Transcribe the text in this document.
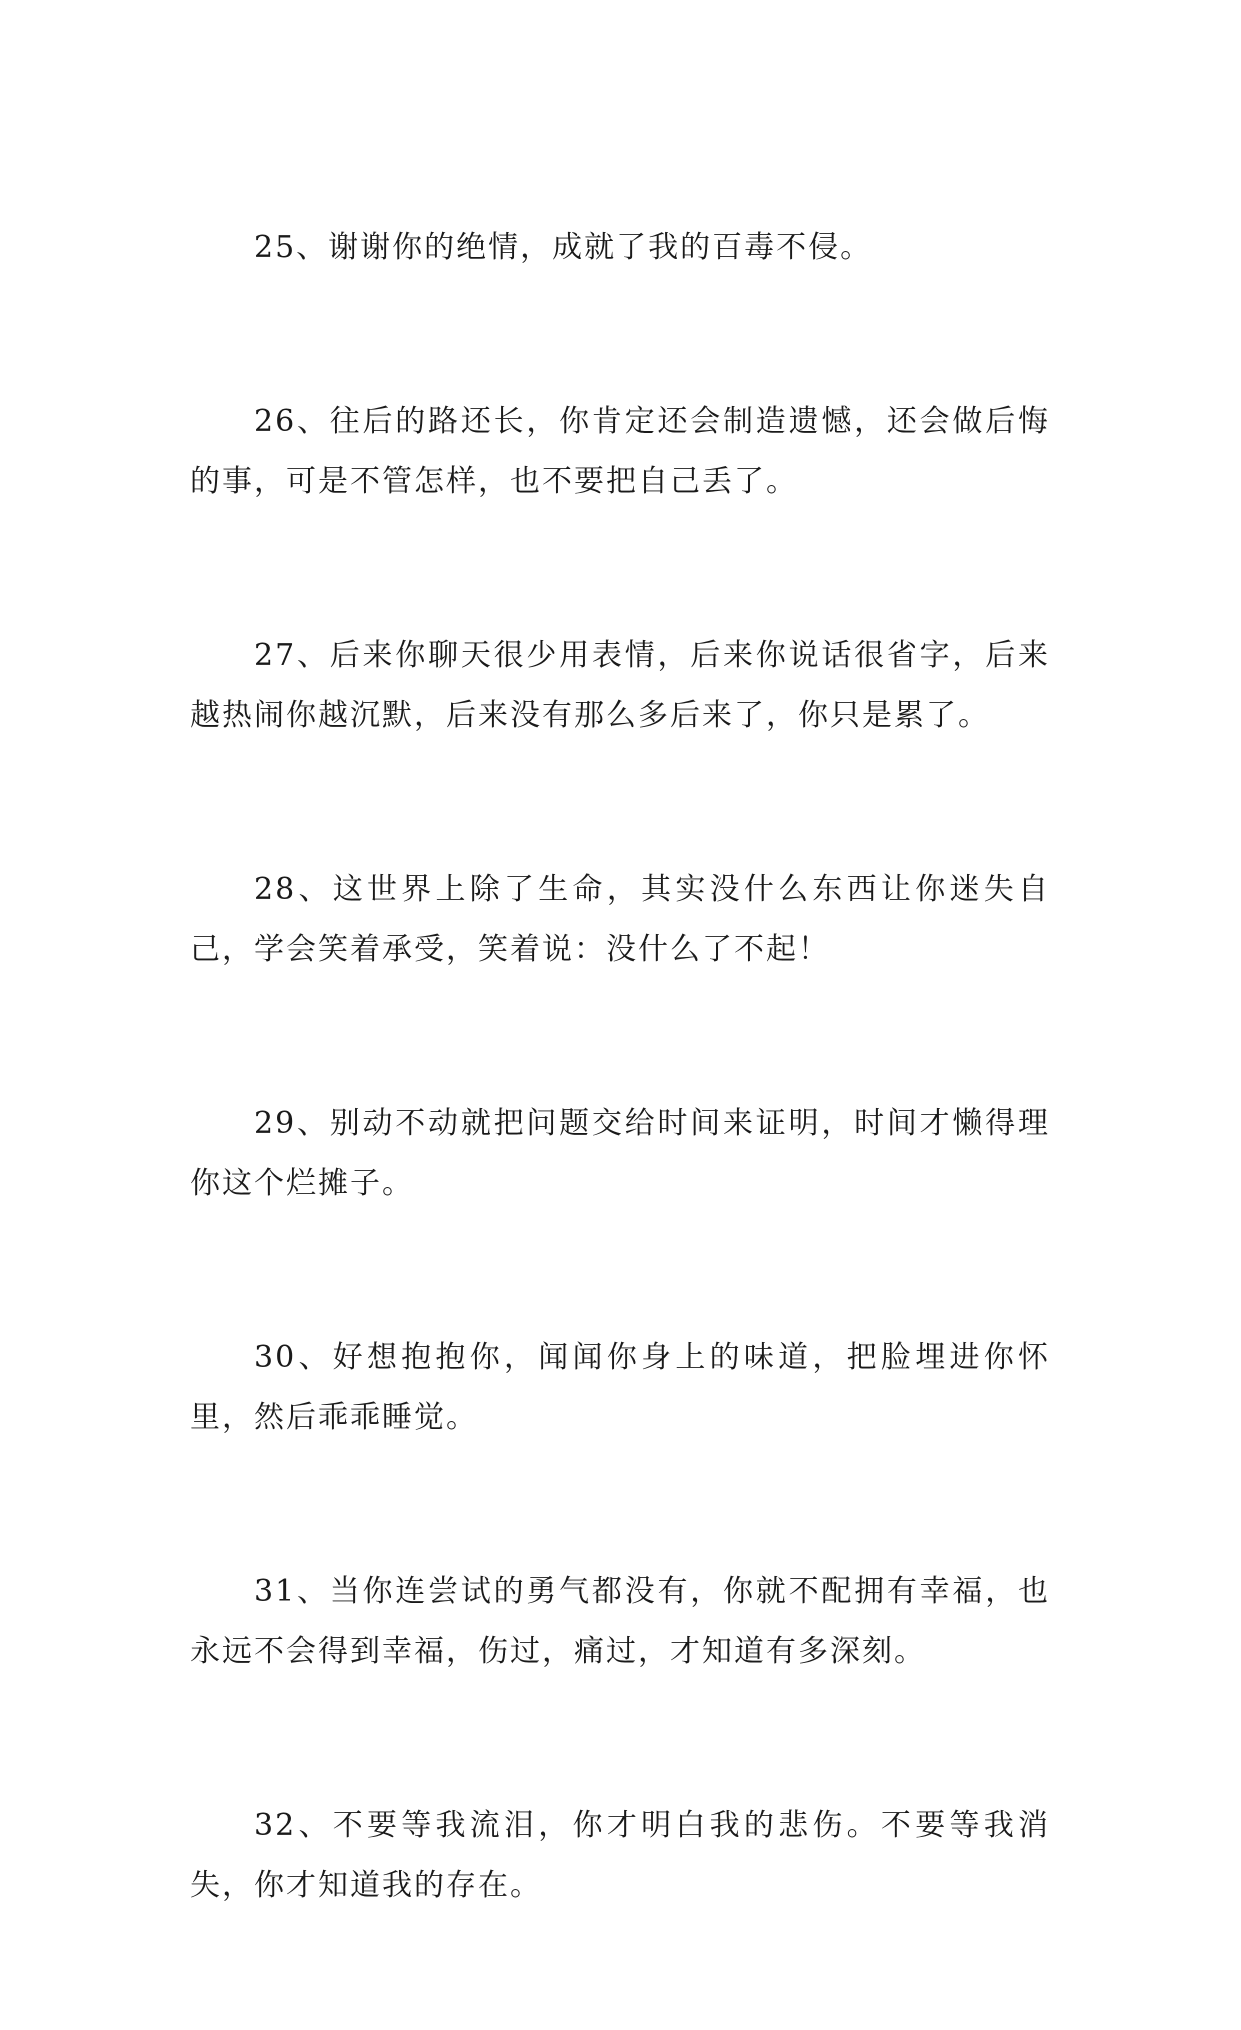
25、谢谢你的绝情，成就了我的百毒不侵。

26、往后的路还长，你肯定还会制造遗憾，还会做后悔的事，可是不管怎样，也不要把自己丢了。

27、后来你聊天很少用表情，后来你说话很省字，后来越热闹你越沉默，后来没有那么多后来了，你只是累了。

28、这世界上除了生命，其实没什么东西让你迷失自己，学会笑着承受，笑着说：没什么了不起！

29、别动不动就把问题交给时间来证明，时间才懒得理你这个烂摊子。

30、好想抱抱你，闻闻你身上的味道，把脸埋进你怀里，然后乖乖睡觉。

31、当你连尝试的勇气都没有，你就不配拥有幸福，也永远不会得到幸福，伤过，痛过，才知道有多深刻。

32、不要等我流泪，你才明白我的悲伤。不要等我消失，你才知道我的存在。
